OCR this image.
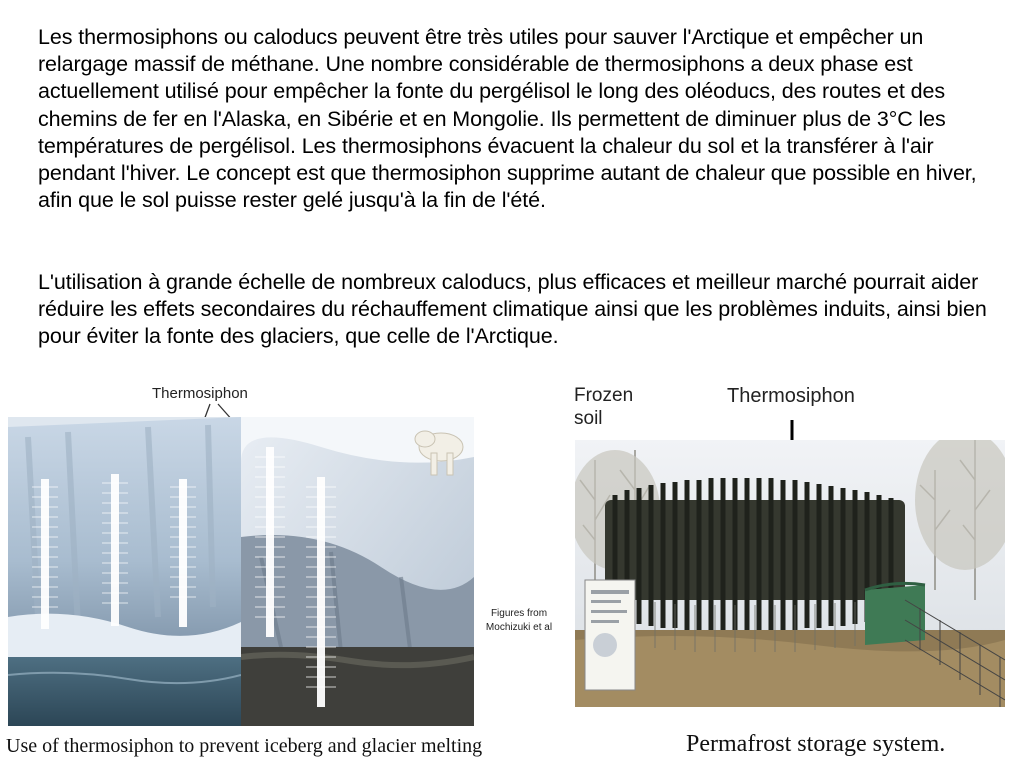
Les thermosiphons ou caloducs peuvent être très utiles pour sauver l'Arctique et empêcher un relargage massif de méthane. Une nombre considérable de thermosiphons a deux phase est actuellement utilisé pour empêcher la fonte du pergélisol le long des oléoducs, des routes et des chemins de fer en l'Alaska, en Sibérie et en Mongolie. Ils permettent de diminuer plus de 3°C les températures de pergélisol. Les thermosiphons évacuent la chaleur du sol et la transférer à l'air pendant l'hiver. Le concept est que thermosiphon supprime autant de chaleur que possible en hiver, afin que le sol puisse rester gelé jusqu'à la fin de l'été.

L'utilisation à grande échelle de nombreux caloducs, plus efficaces et meilleur marché pourrait aider réduire les effets secondaires du réchauffement climatique ainsi que les problèmes induits, ainsi bien pour éviter la fonte des glaciers, que celle de l'Arctique.

Thermosiphon
Figures from Mochizuki et al
Frozen soil
Thermosiphon
Use of thermosiphon to prevent iceberg and glacier melting	Permafrost storage system.
